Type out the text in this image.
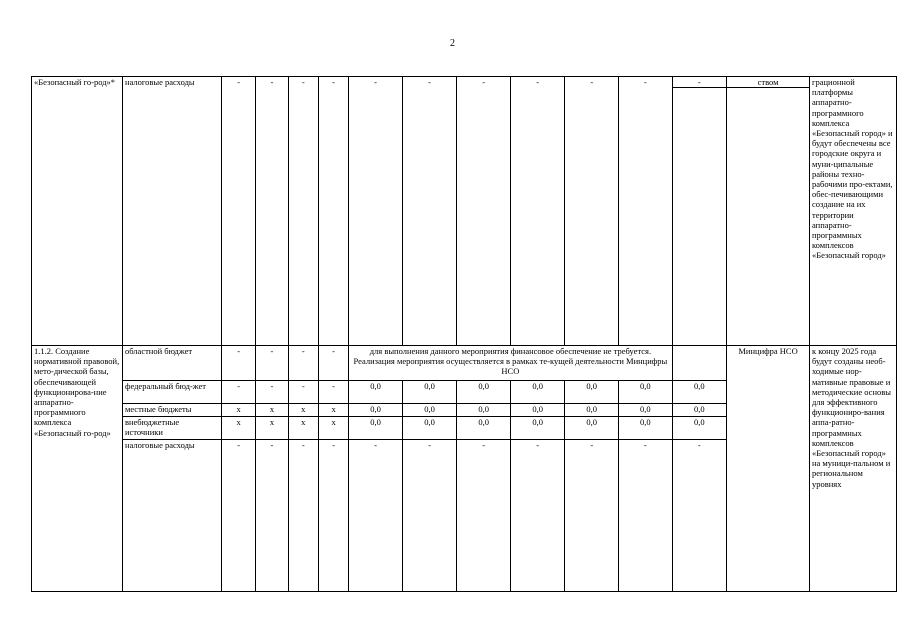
2
«Безопасный го-род»*	налоговые расходы	-	-	-	-	-	-	-	-	-	-	-	ством	грационной платформы аппаратно-программного комплекса «Безопасный город» и будут обеспечены все городские округа и муни-ципальные районы техно-рабочими про-ектами, обес-печивающими создание на их территории аппаратно-программных комплексов «Безопасный город»

1.1.2. Создание нормативной правовой, мето-дической базы, обеспечивающей функционирова-ние аппаратно-программного комплекса «Безопасный го-род»	областной бюджет	-	-	-	-	для выполнения данного мероприятия финансовое обеспечение не требуется. Реализация мероприятия осуществляется в рамках те-кущей деятельности Минцифры НСО							Минцифра НСО	к концу 2025 года будут созданы необ-ходимые нор-мативные правовые и методические основы для эффективного функциониро-вания аппа-ратно-программных комплексов «Безопасный город» на муници-пальном и региональном уровнях
	федеральный бюд-жет	-	-	-	-	0,0	0,0	0,0	0,0	0,0	0,0	0,0		
	местные бюджеты	х	х	х	х	0,0	0,0	0,0	0,0	0,0	0,0	0,0		
	внебюджетные источники	х	х	х	х	0,0	0,0	0,0	0,0	0,0	0,0	0,0		
	налоговые расходы	-	-	-	-	-	-	-	-	-	-	-		
